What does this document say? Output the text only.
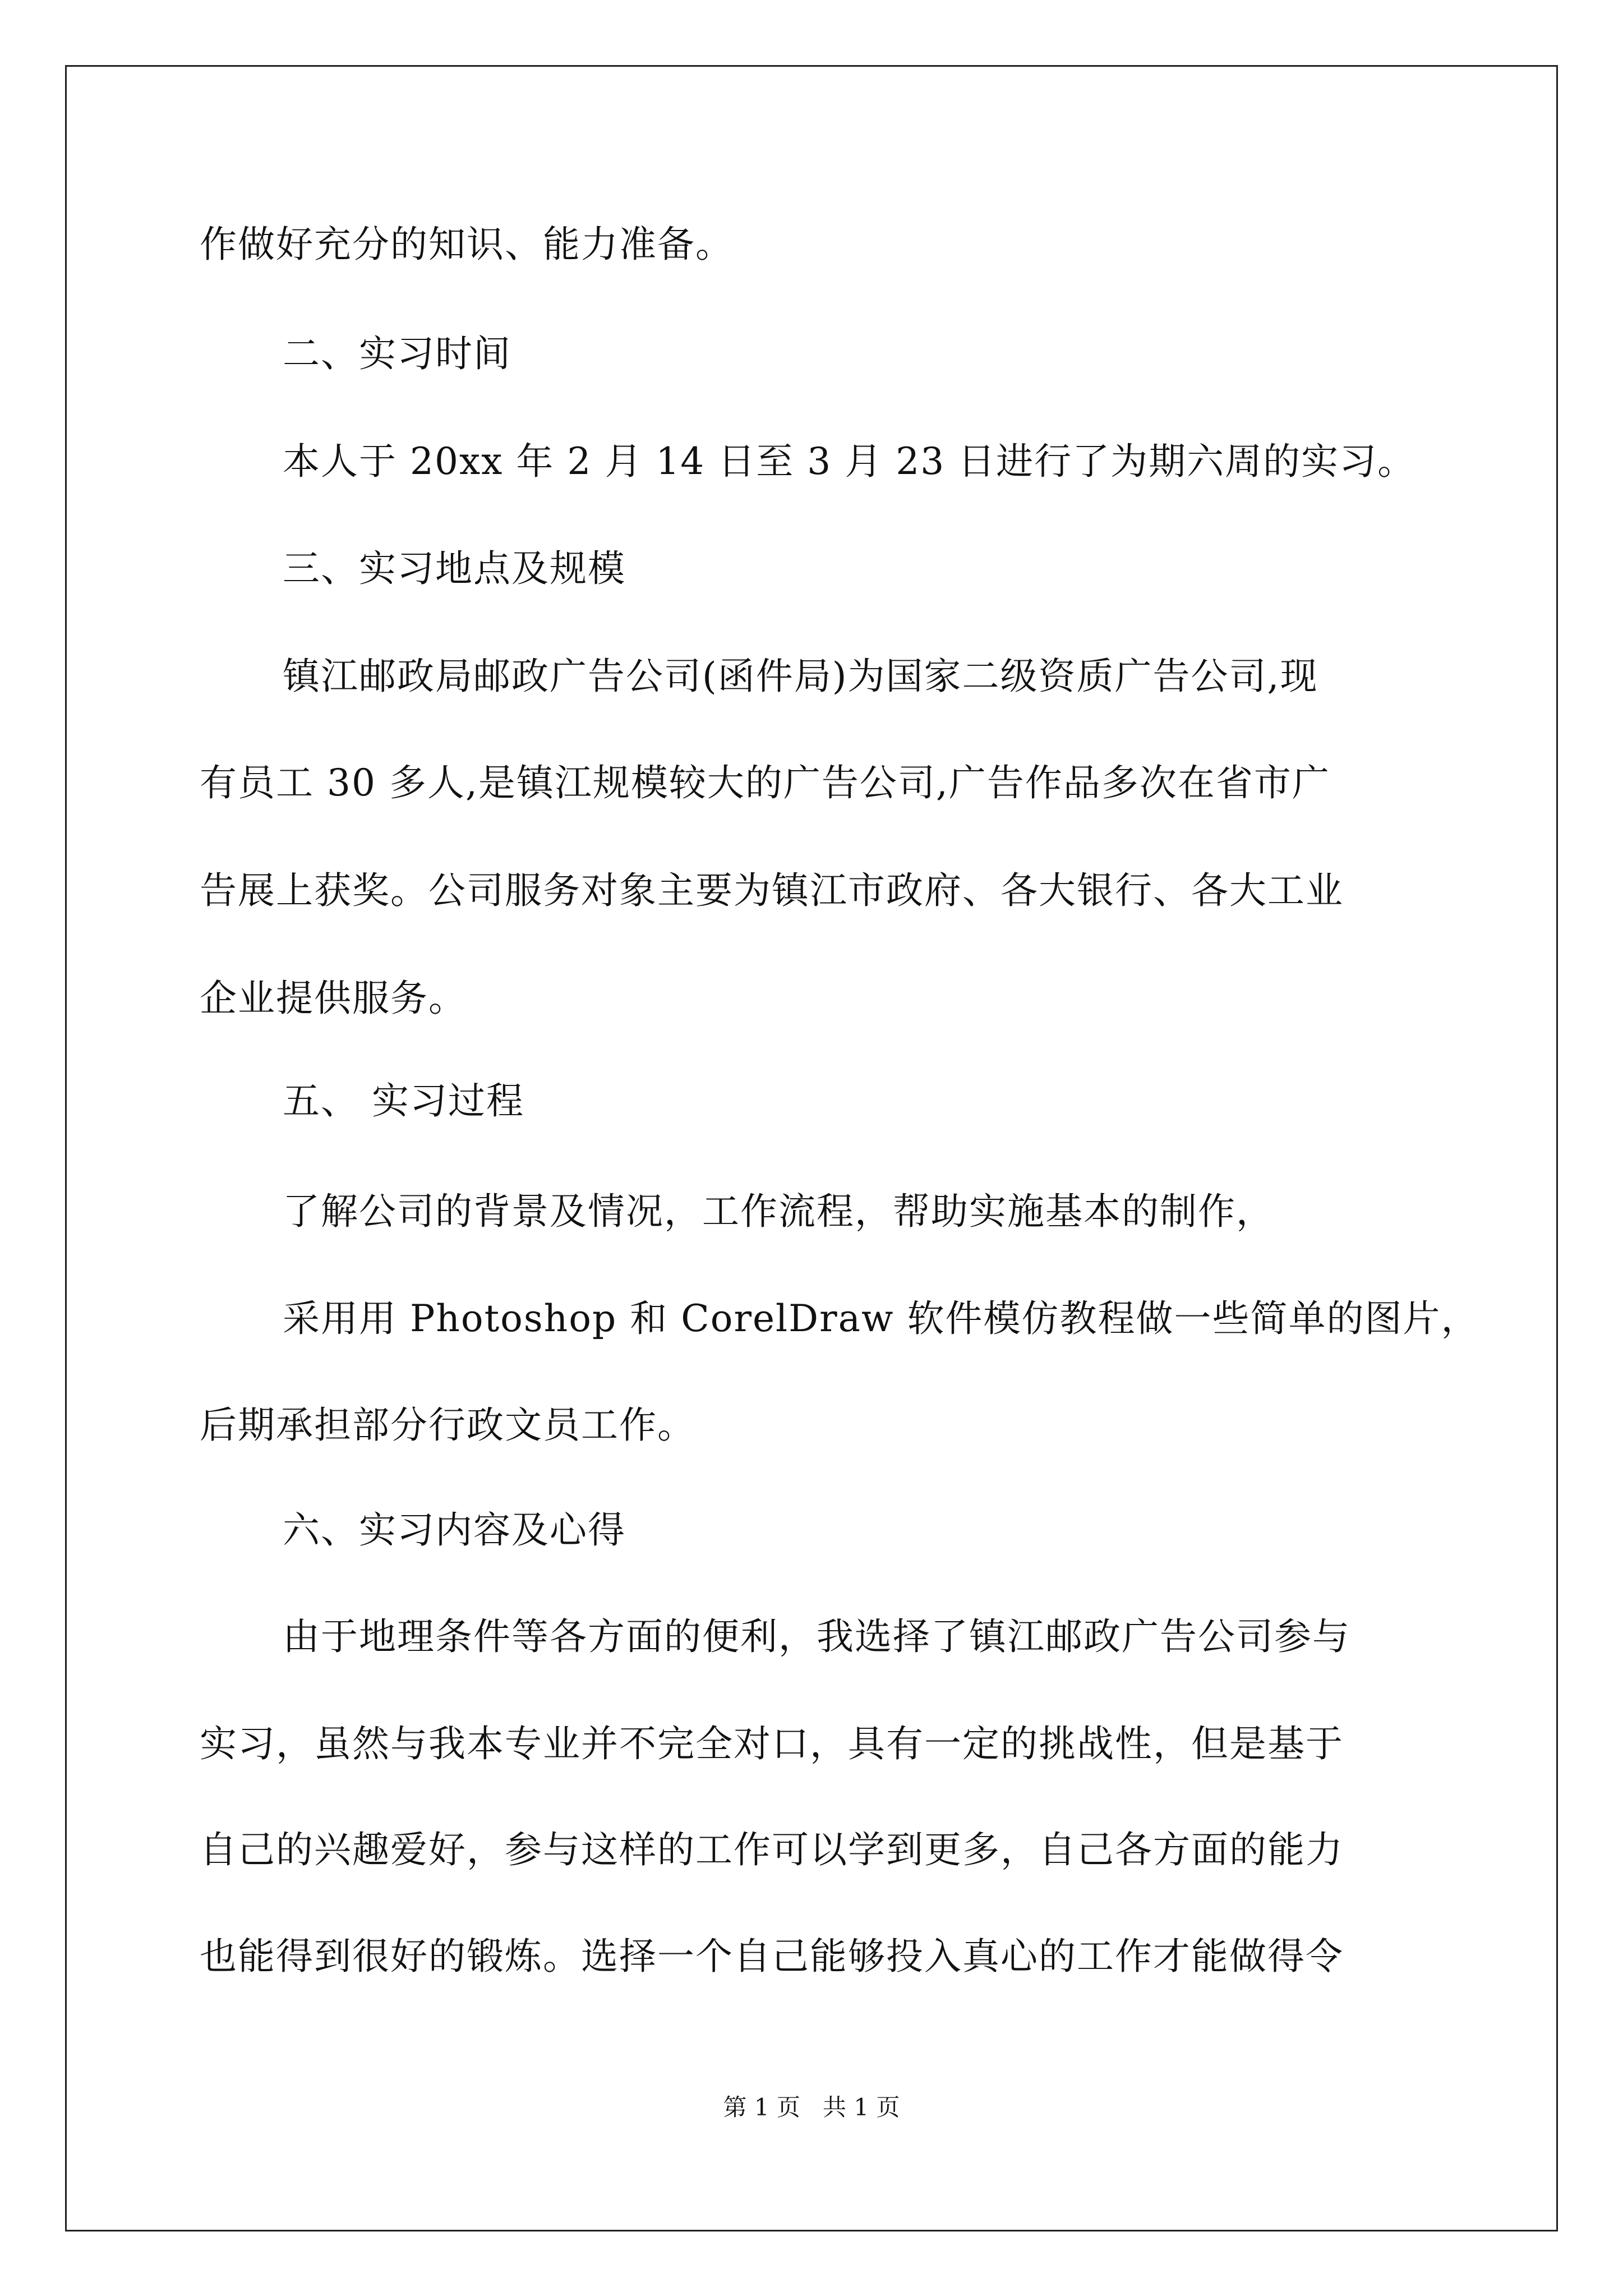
作做好充分的知识、能力准备。
二、实习时间
本人于 20xx 年 2 月 14 日至 3 月 23 日进行了为期六周的实习。
三、实习地点及规模
镇江邮政局邮政广告公司(函件局)为国家二级资质广告公司,现
有员工 30 多人,是镇江规模较大的广告公司,广告作品多次在省市广
告展上获奖。公司服务对象主要为镇江市政府、各大银行、各大工业
企业提供服务。
五、 实习过程
了解公司的背景及情况，工作流程，帮助实施基本的制作，
采用用 Photoshop 和 CorelDraw 软件模仿教程做一些简单的图片，
后期承担部分行政文员工作。
六、实习内容及心得
由于地理条件等各方面的便利，我选择了镇江邮政广告公司参与
实习，虽然与我本专业并不完全对口，具有一定的挑战性，但是基于
自己的兴趣爱好，参与这样的工作可以学到更多，自己各方面的能力
也能得到很好的锻炼。选择一个自己能够投入真心的工作才能做得令
第 1 页   共 1 页
